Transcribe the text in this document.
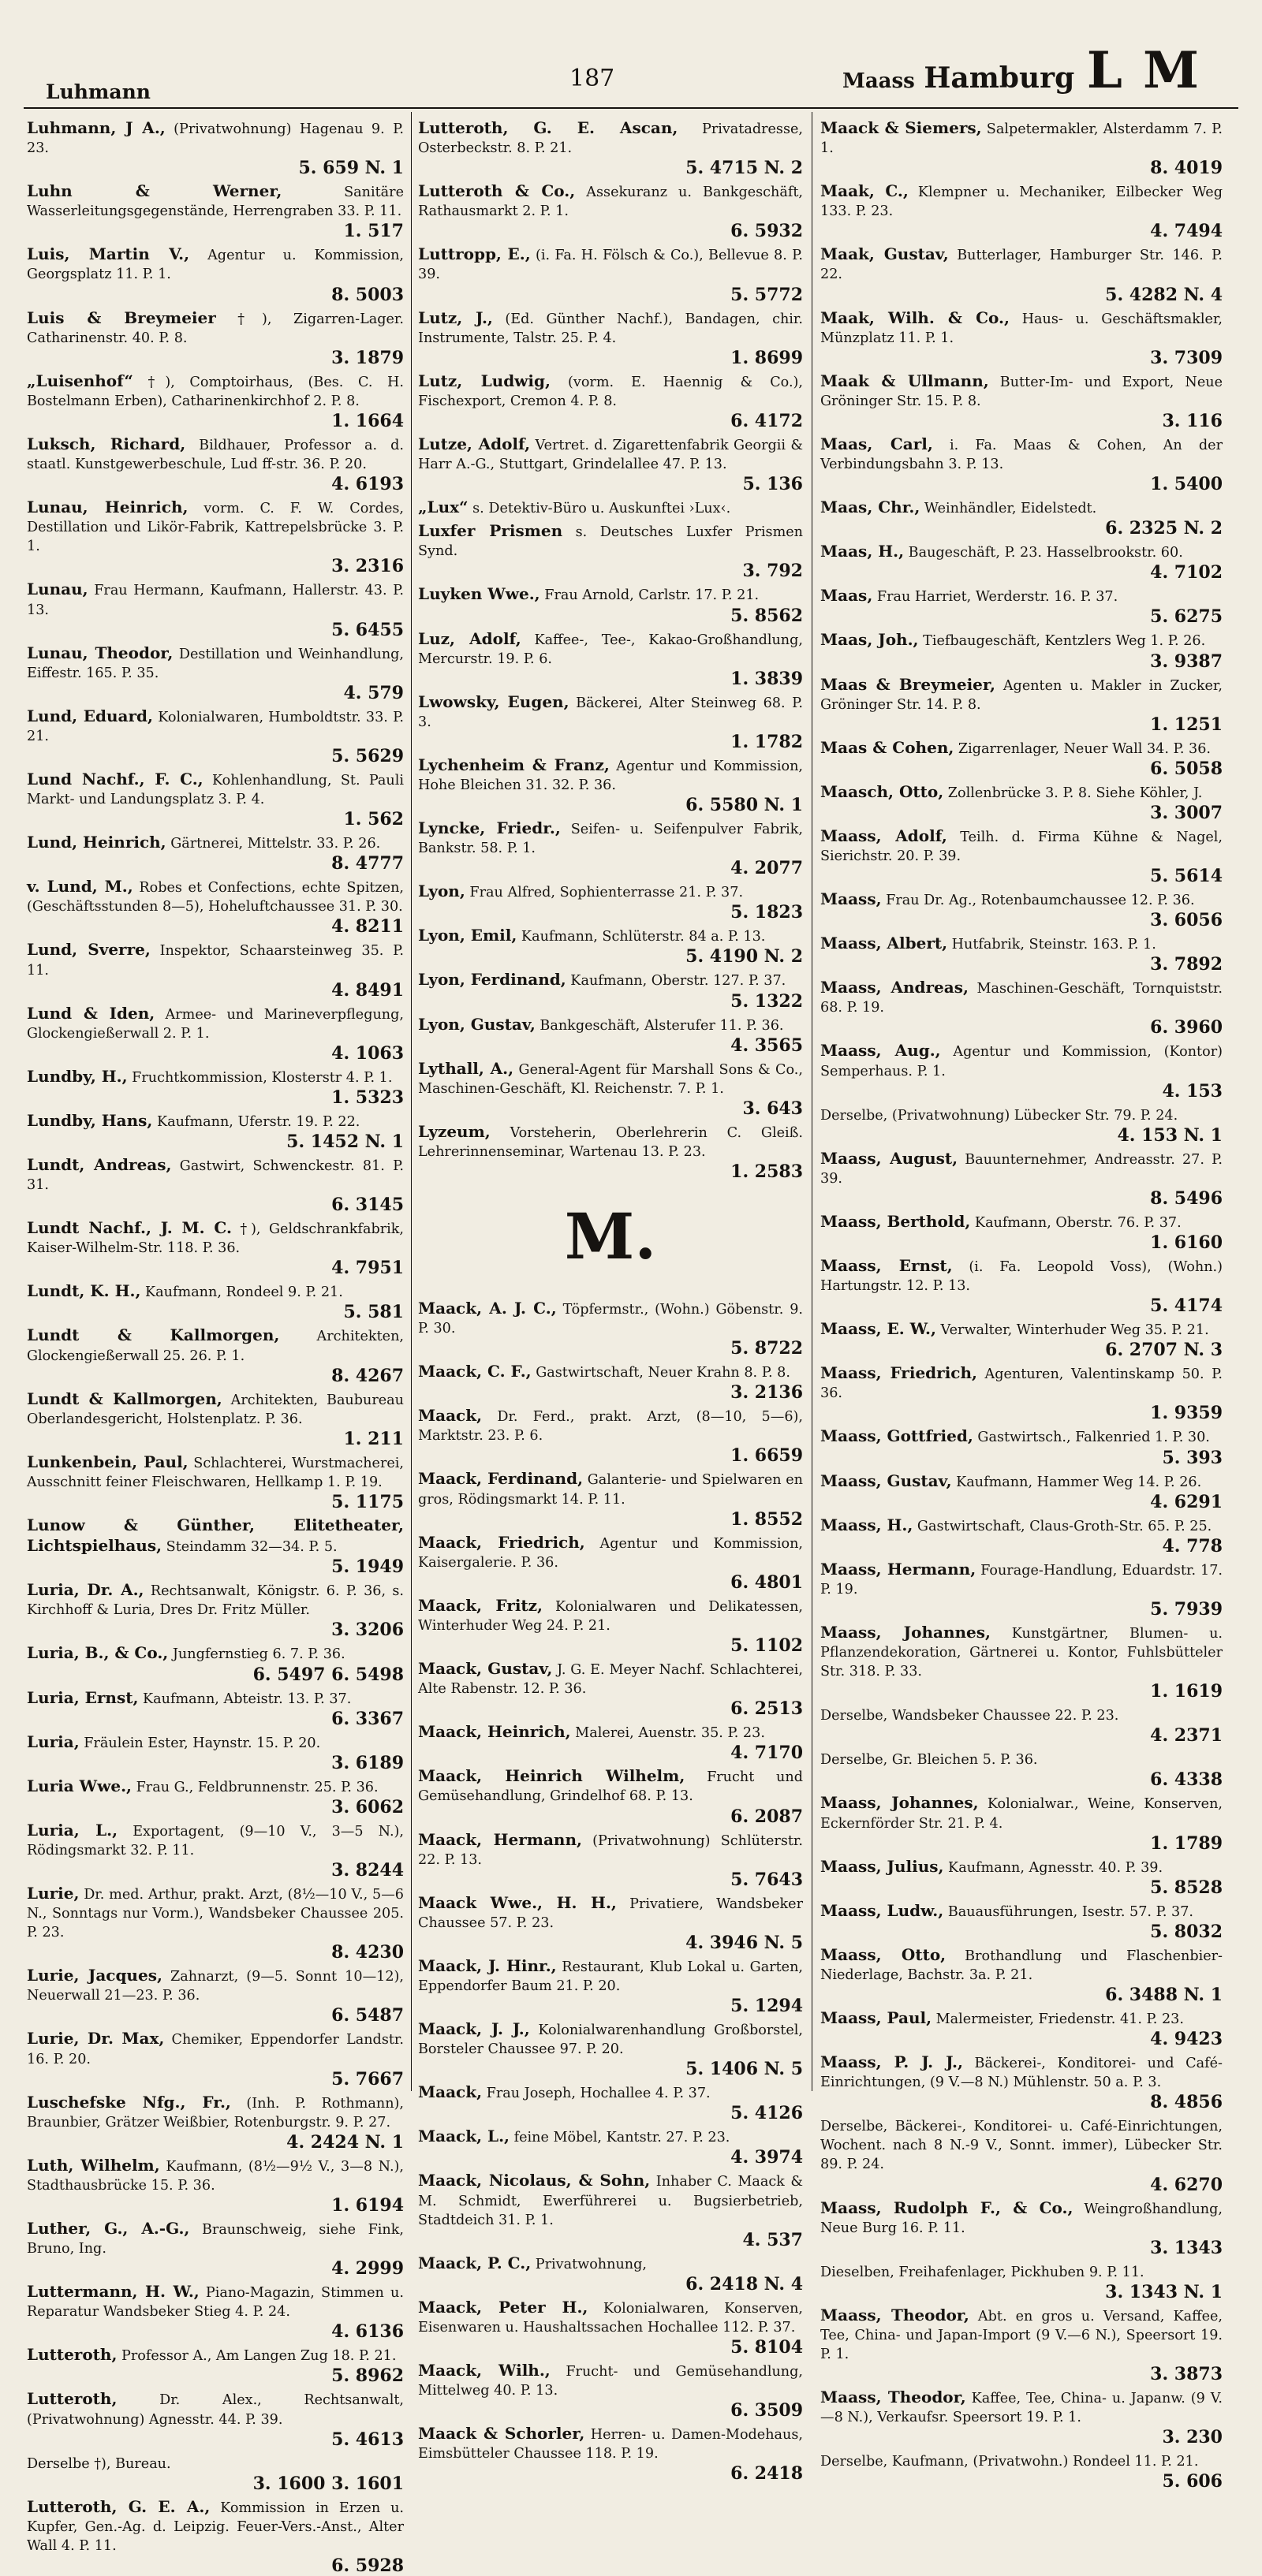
Luhmann	187	Maass Hamburg L M
Luhmann, J A., (Privatwohnung) Hagenau 9. P. 23.
5. 659 N. 1
Luhn & Werner, Sanitäre Wasserleitungsgegenstände, Herrengraben 33. P. 11.
1. 517
Luis, Martin V., Agentur u. Kommission, Georgsplatz 11. P. 1.
8. 5003
Luis & Breymeier †), Zigarren-Lager. Catharinenstr. 40. P. 8.
3. 1879
„Luisenhof“ †), Comptoirhaus, (Bes. C. H. Bostelmann Erben), Catharinenkirchhof 2. P. 8.
1. 1664
Luksch, Richard, Bildhauer, Professor a. d. staatl. Kunstgewerbeschule, Lud ff-str. 36. P. 20.
4. 6193
Lunau, Heinrich, vorm. C. F. W. Cordes, Destillation und Likör-Fabrik, Kattrepelsbrücke 3. P. 1.
3. 2316
Lunau, Frau Hermann, Kaufmann, Hallerstr. 43. P. 13.
5. 6455
Lunau, Theodor, Destillation und Weinhandlung, Eiffestr. 165. P. 35.
4. 579
Lund, Eduard, Kolonialwaren, Humboldtstr. 33. P. 21.
5. 5629
Lund Nachf., F. C., Kohlenhandlung, St. Pauli Markt- und Landungsplatz 3. P. 4.
1. 562
Lund, Heinrich, Gärtnerei, Mittelstr. 33. P. 26.
8. 4777
v. Lund, M., Robes et Confections, echte Spitzen, (Geschäftsstunden 8—5), Hoheluftchaussee 31. P. 30.
4. 8211
Lund, Sverre, Inspektor, Schaarsteinweg 35. P. 11.
4. 8491
Lund & Iden, Armee- und Marineverpflegung, Glockengießerwall 2. P. 1.
4. 1063
Lundby, H., Fruchtkommission, Klosterstr 4. P. 1.
1. 5323
Lundby, Hans, Kaufmann, Uferstr. 19. P. 22.
5. 1452 N. 1
Lundt, Andreas, Gastwirt, Schwenckestr. 81. P. 31.
6. 3145
Lundt Nachf., J. M. C. †), Geldschrankfabrik, Kaiser-Wilhelm-Str. 118. P. 36.
4. 7951
Lundt, K. H., Kaufmann, Rondeel 9. P. 21.
5. 581
Lundt & Kallmorgen, Architekten, Glockengießerwall 25. 26. P. 1.
8. 4267
Lundt & Kallmorgen, Architekten, Baubureau Oberlandesgericht, Holstenplatz. P. 36.
1. 211
Lunkenbein, Paul, Schlachterei, Wurstmacherei, Ausschnitt feiner Fleischwaren, Hellkamp 1. P. 19.
5. 1175
Lunow & Günther, Elitetheater, Lichtspielhaus, Steindamm 32—34. P. 5.
5. 1949
Luria, Dr. A., Rechtsanwalt, Königstr. 6. P. 36, s. Kirchhoff & Luria, Dres Dr. Fritz Müller.
3. 3206
Luria, B., & Co., Jungfernstieg 6. 7. P. 36.
6. 5497 6. 5498
Luria, Ernst, Kaufmann, Abteistr. 13. P. 37.
6. 3367
Luria, Fräulein Ester, Haynstr. 15. P. 20.
3. 6189
Luria Wwe., Frau G., Feldbrunnenstr. 25. P. 36.
3. 6062
Luria, L., Exportagent, (9—10 V., 3—5 N.), Rödingsmarkt 32. P. 11.
3. 8244
Lurie, Dr. med. Arthur, prakt. Arzt, (8½—10 V., 5—6 N., Sonntags nur Vorm.), Wandsbeker Chaussee 205. P. 23.
8. 4230
Lurie, Jacques, Zahnarzt, (9—5. Sonnt 10—12), Neuerwall 21—23. P. 36.
6. 5487
Lurie, Dr. Max, Chemiker, Eppendorfer Landstr. 16. P. 20.
5. 7667
Luschefske Nfg., Fr., (Inh. P. Rothmann), Braunbier, Grätzer Weißbier, Rotenburgstr. 9. P. 27.
4. 2424 N. 1
Luth, Wilhelm, Kaufmann, (8½—9½ V., 3—8 N.), Stadthausbrücke 15. P. 36.
1. 6194
Luther, G., A.-G., Braunschweig, siehe Fink, Bruno, Ing.
4. 2999
Luttermann, H. W., Piano-Magazin, Stimmen u. Reparatur Wandsbeker Stieg 4. P. 24.
4. 6136
Lutteroth, Professor A., Am Langen Zug 18. P. 21.
5. 8962
Lutteroth, Dr. Alex., Rechtsanwalt, (Privatwohnung) Agnesstr. 44. P. 39.
5. 4613
Derselbe †), Bureau.
3. 1600 3. 1601
Lutteroth, G. E. A., Kommission in Erzen u. Kupfer, Gen.-Ag. d. Leipzig. Feuer-Vers.-Anst., Alter Wall 4. P. 11.
6. 5928
Lutteroth, G. E. Ascan, Privatadresse, Osterbeckstr. 8. P. 21.
5. 4715 N. 2
Lutteroth & Co., Assekuranz u. Bankgeschäft, Rathausmarkt 2. P. 1.
6. 5932
Luttropp, E., (i. Fa. H. Fölsch & Co.), Bellevue 8. P. 39.
5. 5772
Lutz, J., (Ed. Günther Nachf.), Bandagen, chir. Instrumente, Talstr. 25. P. 4.
1. 8699
Lutz, Ludwig, (vorm. E. Haennig & Co.), Fischexport, Cremon 4. P. 8.
6. 4172
Lutze, Adolf, Vertret. d. Zigarettenfabrik Georgii & Harr A.-G., Stuttgart, Grindelallee 47. P. 13.
5. 136
„Lux“ s. Detektiv-Büro u. Auskunftei ›Lux‹.
Luxfer Prismen s. Deutsches Luxfer Prismen Synd.
3. 792
Luyken Wwe., Frau Arnold, Carlstr. 17. P. 21.
5. 8562
Luz, Adolf, Kaffee-, Tee-, Kakao-Großhandlung, Mercurstr. 19. P. 6.
1. 3839
Lwowsky, Eugen, Bäckerei, Alter Steinweg 68. P. 3.
1. 1782
Lychenheim & Franz, Agentur und Kommission, Hohe Bleichen 31. 32. P. 36.
6. 5580 N. 1
Lyncke, Friedr., Seifen- u. Seifenpulver Fabrik, Bankstr. 58. P. 1.
4. 2077
Lyon, Frau Alfred, Sophienterrasse 21. P. 37.
5. 1823
Lyon, Emil, Kaufmann, Schlüterstr. 84 a. P. 13.
5. 4190 N. 2
Lyon, Ferdinand, Kaufmann, Oberstr. 127. P. 37.
5. 1322
Lyon, Gustav, Bankgeschäft, Alsterufer 11. P. 36.
4. 3565
Lythall, A., General-Agent für Marshall Sons & Co., Maschinen-Geschäft, Kl. Reichenstr. 7. P. 1.
3. 643
Lyzeum, Vorsteherin, Oberlehrerin C. Gleiß. Lehrerinnenseminar, Wartenau 13. P. 23.
1. 2583
M.
Maack, A. J. C., Töpfermstr., (Wohn.) Göbenstr. 9. P. 30.
5. 8722
Maack, C. F., Gastwirtschaft, Neuer Krahn 8. P. 8.
3. 2136
Maack, Dr. Ferd., prakt. Arzt, (8—10, 5—6), Marktstr. 23. P. 6.
1. 6659
Maack, Ferdinand, Galanterie- und Spielwaren en gros, Rödingsmarkt 14. P. 11.
1. 8552
Maack, Friedrich, Agentur und Kommission, Kaisergalerie. P. 36.
6. 4801
Maack, Fritz, Kolonialwaren und Delikatessen, Winterhuder Weg 24. P. 21.
5. 1102
Maack, Gustav, J. G. E. Meyer Nachf. Schlachterei, Alte Rabenstr. 12. P. 36.
6. 2513
Maack, Heinrich, Malerei, Auenstr. 35. P. 23.
4. 7170
Maack, Heinrich Wilhelm, Frucht und Gemüsehandlung, Grindelhof 68. P. 13.
6. 2087
Maack, Hermann, (Privatwohnung) Schlüterstr. 22. P. 13.
5. 7643
Maack Wwe., H. H., Privatiere, Wandsbeker Chaussee 57. P. 23.
4. 3946 N. 5
Maack, J. Hinr., Restaurant, Klub Lokal u. Garten, Eppendorfer Baum 21. P. 20.
5. 1294
Maack, J. J., Kolonialwarenhandlung Großborstel, Borsteler Chaussee 97. P. 20.
5. 1406 N. 5
Maack, Frau Joseph, Hochallee 4. P. 37.
5. 4126
Maack, L., feine Möbel, Kantstr. 27. P. 23.
4. 3974
Maack, Nicolaus, & Sohn, Inhaber C. Maack & M. Schmidt, Ewerführerei u. Bugsierbetrieb, Stadtdeich 31. P. 1.
4. 537
Maack, P. C., Privatwohnung,
6. 2418 N. 4
Maack, Peter H., Kolonialwaren, Konserven, Eisenwaren u. Haushaltssachen Hochallee 112. P. 37.
5. 8104
Maack, Wilh., Frucht- und Gemüsehandlung, Mittelweg 40. P. 13.
6. 3509
Maack & Schorler, Herren- u. Damen-Modehaus, Eimsbütteler Chaussee 118. P. 19.
6. 2418
Maack & Siemers, Salpetermakler, Alsterdamm 7. P. 1.
8. 4019
Maak, C., Klempner u. Mechaniker, Eilbecker Weg 133. P. 23.
4. 7494
Maak, Gustav, Butterlager, Hamburger Str. 146. P. 22.
5. 4282 N. 4
Maak, Wilh. & Co., Haus- u. Geschäftsmakler, Münzplatz 11. P. 1.
3. 7309
Maak & Ullmann, Butter-Im- und Export, Neue Gröninger Str. 15. P. 8.
3. 116
Maas, Carl, i. Fa. Maas & Cohen, An der Verbindungsbahn 3. P. 13.
1. 5400
Maas, Chr., Weinhändler, Eidelstedt.
6. 2325 N. 2
Maas, H., Baugeschäft, P. 23. Hasselbrookstr. 60.
4. 7102
Maas, Frau Harriet, Werderstr. 16. P. 37.
5. 6275
Maas, Joh., Tiefbaugeschäft, Kentzlers Weg 1. P. 26.
3. 9387
Maas & Breymeier, Agenten u. Makler in Zucker, Gröninger Str. 14. P. 8.
1. 1251
Maas & Cohen, Zigarrenlager, Neuer Wall 34. P. 36.
6. 5058
Maasch, Otto, Zollenbrücke 3. P. 8. Siehe Köhler, J.
3. 3007
Maass, Adolf, Teilh. d. Firma Kühne & Nagel, Sierichstr. 20. P. 39.
5. 5614
Maass, Frau Dr. Ag., Rotenbaumchaussee 12. P. 36.
3. 6056
Maass, Albert, Hutfabrik, Steinstr. 163. P. 1.
3. 7892
Maass, Andreas, Maschinen-Geschäft, Tornquiststr. 68. P. 19.
6. 3960
Maass, Aug., Agentur und Kommission, (Kontor) Semperhaus. P. 1.
4. 153
Derselbe, (Privatwohnung) Lübecker Str. 79. P. 24.
4. 153 N. 1
Maass, August, Bauunternehmer, Andreasstr. 27. P. 39.
8. 5496
Maass, Berthold, Kaufmann, Oberstr. 76. P. 37.
1. 6160
Maass, Ernst, (i. Fa. Leopold Voss), (Wohn.) Hartungstr. 12. P. 13.
5. 4174
Maass, E. W., Verwalter, Winterhuder Weg 35. P. 21.
6. 2707 N. 3
Maass, Friedrich, Agenturen, Valentinskamp 50. P. 36.
1. 9359
Maass, Gottfried, Gastwirtsch., Falkenried 1. P. 30.
5. 393
Maass, Gustav, Kaufmann, Hammer Weg 14. P. 26.
4. 6291
Maass, H., Gastwirtschaft, Claus-Groth-Str. 65. P. 25.
4. 778
Maass, Hermann, Fourage-Handlung, Eduardstr. 17. P. 19.
5. 7939
Maass, Johannes, Kunstgärtner, Blumen- u. Pflanzendekoration, Gärtnerei u. Kontor, Fuhlsbütteler Str. 318. P. 33.
1. 1619
Derselbe, Wandsbeker Chaussee 22. P. 23.
4. 2371
Derselbe, Gr. Bleichen 5. P. 36.
6. 4338
Maass, Johannes, Kolonialwar., Weine, Konserven, Eckernförder Str. 21. P. 4.
1. 1789
Maass, Julius, Kaufmann, Agnesstr. 40. P. 39.
5. 8528
Maass, Ludw., Bauausführungen, Isestr. 57. P. 37.
5. 8032
Maass, Otto, Brothandlung und Flaschenbier-Niederlage, Bachstr. 3a. P. 21.
6. 3488 N. 1
Maass, Paul, Malermeister, Friedenstr. 41. P. 23.
4. 9423
Maass, P. J. J., Bäckerei-, Konditorei- und Café-Einrichtungen, (9 V.—8 N.) Mühlenstr. 50 a. P. 3.
8. 4856
Derselbe, Bäckerei-, Konditorei- u. Café-Einrichtungen, Wochent. nach 8 N.-9 V., Sonnt. immer), Lübecker Str. 89. P. 24.
4. 6270
Maass, Rudolph F., & Co., Weingroßhandlung, Neue Burg 16. P. 11.
3. 1343
Dieselben, Freihafenlager, Pickhuben 9. P. 11.
3. 1343 N. 1
Maass, Theodor, Abt. en gros u. Versand, Kaffee, Tee, China- und Japan-Import (9 V.—6 N.), Speersort 19. P. 1.
3. 3873
Maass, Theodor, Kaffee, Tee, China- u. Japanw. (9 V.—8 N.), Verkaufsr. Speersort 19. P. 1.
3. 230
Derselbe, Kaufmann, (Privatwohn.) Rondeel 11. P. 21.
5. 606
